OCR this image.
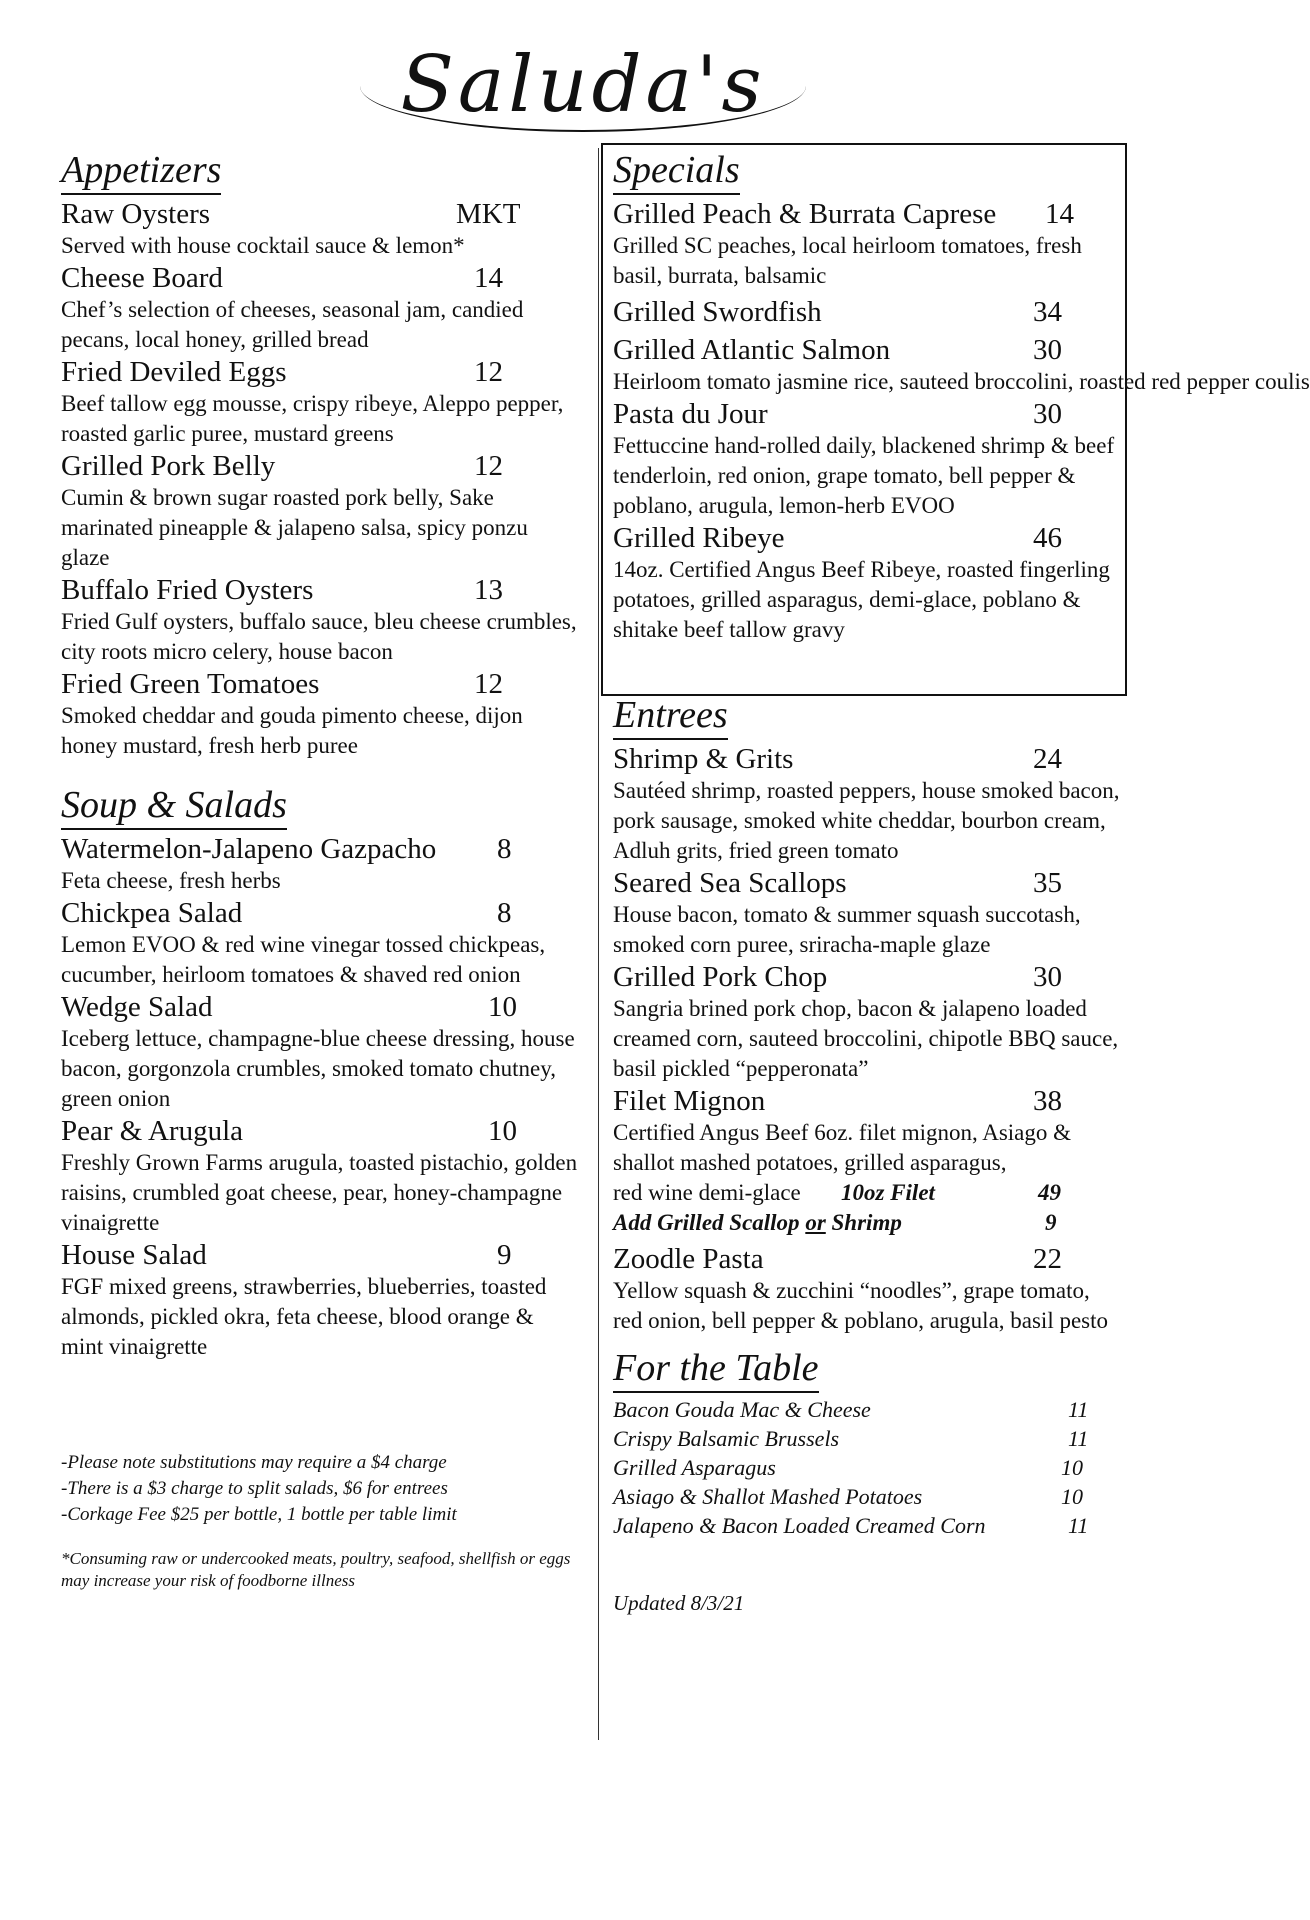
Saluda's
Appetizers
Raw Oysters	MKT

Served with house cocktail sauce & lemon*

Cheese Board	14

Chef’s selection of cheeses, seasonal jam, candied pecans, local honey, grilled bread

Fried Deviled Eggs	12

Beef tallow egg mousse, crispy ribeye, Aleppo pepper, roasted garlic puree, mustard greens

Grilled Pork Belly	12

Cumin & brown sugar roasted pork belly, Sake marinated pineapple & jalapeno salsa, spicy ponzu glaze

Buffalo Fried Oysters	13

Fried Gulf oysters, buffalo sauce, bleu cheese crumbles, city roots micro celery, house bacon

Fried Green Tomatoes	12

Smoked cheddar and gouda pimento cheese, dijon honey mustard, fresh herb puree

Soup & Salads
Watermelon-Jalapeno Gazpacho 8

Feta cheese, fresh herbs

Chickpea Salad	8

Lemon EVOO & red wine vinegar tossed chickpeas, cucumber, heirloom tomatoes & shaved red onion

Wedge Salad	10

Iceberg lettuce, champagne-blue cheese dressing, house bacon, gorgonzola crumbles, smoked tomato chutney, green onion

Pear & Arugula	10

Freshly Grown Farms arugula, toasted pistachio, golden raisins, crumbled goat cheese, pear, honey-champagne vinaigrette

House Salad	9

FGF mixed greens, strawberries, blueberries, toasted almonds, pickled okra, feta cheese, blood orange & mint vinaigrette

-Please note substitutions may require a $4 charge
-There is a $3 charge to split salads, $6 for entrees
-Corkage Fee $25 per bottle, 1 bottle per table limit
*Consuming raw or undercooked meats, poultry, seafood, shellfish or eggs may increase your risk of foodborne illness
Specials
Grilled Peach & Burrata Caprese 14

Grilled SC peaches, local heirloom tomatoes, fresh basil, burrata, balsamic

Grilled Swordfish	34
Grilled Atlantic Salmon	30

Heirloom tomato jasmine rice, sauteed broccolini, roasted red pepper coulis

Pasta du Jour	30

Fettuccine hand-rolled daily, blackened shrimp & beef tenderloin, red onion, grape tomato, bell pepper & poblano, arugula, lemon-herb EVOO

Grilled Ribeye	46

14oz. Certified Angus Beef Ribeye, roasted fingerling potatoes, grilled asparagus, demi-glace, poblano & shitake beef tallow gravy

Entrees
Shrimp & Grits	24

Sautéed shrimp, roasted peppers, house smoked bacon, pork sausage, smoked white cheddar, bourbon cream, Adluh grits, fried green tomato

Seared Sea Scallops	35

House bacon, tomato & summer squash succotash, smoked corn puree, sriracha-maple glaze

Grilled Pork Chop	30

Sangria brined pork chop, bacon & jalapeno loaded creamed corn, sauteed broccolini, chipotle BBQ sauce, basil pickled “pepperonata”

Filet Mignon	38

Certified Angus Beef 6oz. filet mignon, Asiago & shallot mashed potatoes, grilled asparagus,

red wine demi-glace 10oz Filet	49
Add Grilled Scallop or Shrimp	9
Zoodle Pasta	22

Yellow squash & zucchini “noodles”, grape tomato, red onion, bell pepper & poblano, arugula, basil pesto

For the Table
Bacon Gouda Mac & Cheese	11
Crispy Balsamic Brussels	11
Grilled Asparagus	10
Asiago & Shallot Mashed Potatoes	10
Jalapeno & Bacon Loaded Creamed Corn	11
Updated 8/3/21
